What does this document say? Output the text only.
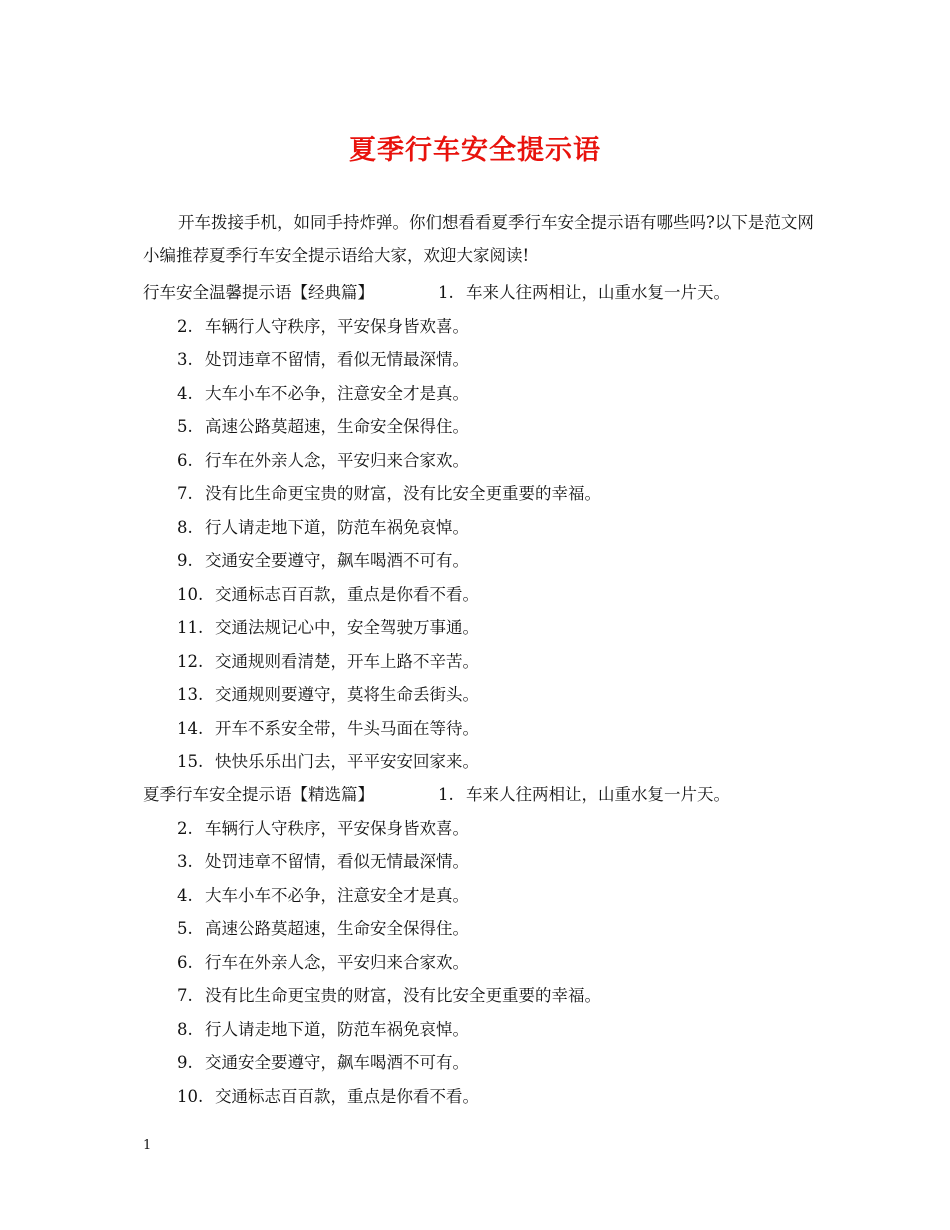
夏季行车安全提示语
开车拨接手机，如同手持炸弹。你们想看看夏季行车安全提示语有哪些吗?以下是范文网小编推荐夏季行车安全提示语给大家，欢迎大家阅读!
行车安全温馨提示语【经典篇】	1. 车来人往两相让，山重水复一片天。
2. 车辆行人守秩序，平安保身皆欢喜。
3. 处罚违章不留情，看似无情最深情。
4. 大车小车不必争，注意安全才是真。
5. 高速公路莫超速，生命安全保得住。
6. 行车在外亲人念，平安归来合家欢。
7. 没有比生命更宝贵的财富，没有比安全更重要的幸福。
8. 行人请走地下道，防范车祸免哀悼。
9. 交通安全要遵守，飙车喝酒不可有。
10. 交通标志百百款，重点是你看不看。
11. 交通法规记心中，安全驾驶万事通。
12. 交通规则看清楚，开车上路不辛苦。
13. 交通规则要遵守，莫将生命丢街头。
14. 开车不系安全带，牛头马面在等待。
15. 快快乐乐出门去，平平安安回家来。
夏季行车安全提示语【精选篇】	1. 车来人往两相让，山重水复一片天。
2. 车辆行人守秩序，平安保身皆欢喜。
3. 处罚违章不留情，看似无情最深情。
4. 大车小车不必争，注意安全才是真。
5. 高速公路莫超速，生命安全保得住。
6. 行车在外亲人念，平安归来合家欢。
7. 没有比生命更宝贵的财富，没有比安全更重要的幸福。
8. 行人请走地下道，防范车祸免哀悼。
9. 交通安全要遵守，飙车喝酒不可有。
10. 交通标志百百款，重点是你看不看。
1
